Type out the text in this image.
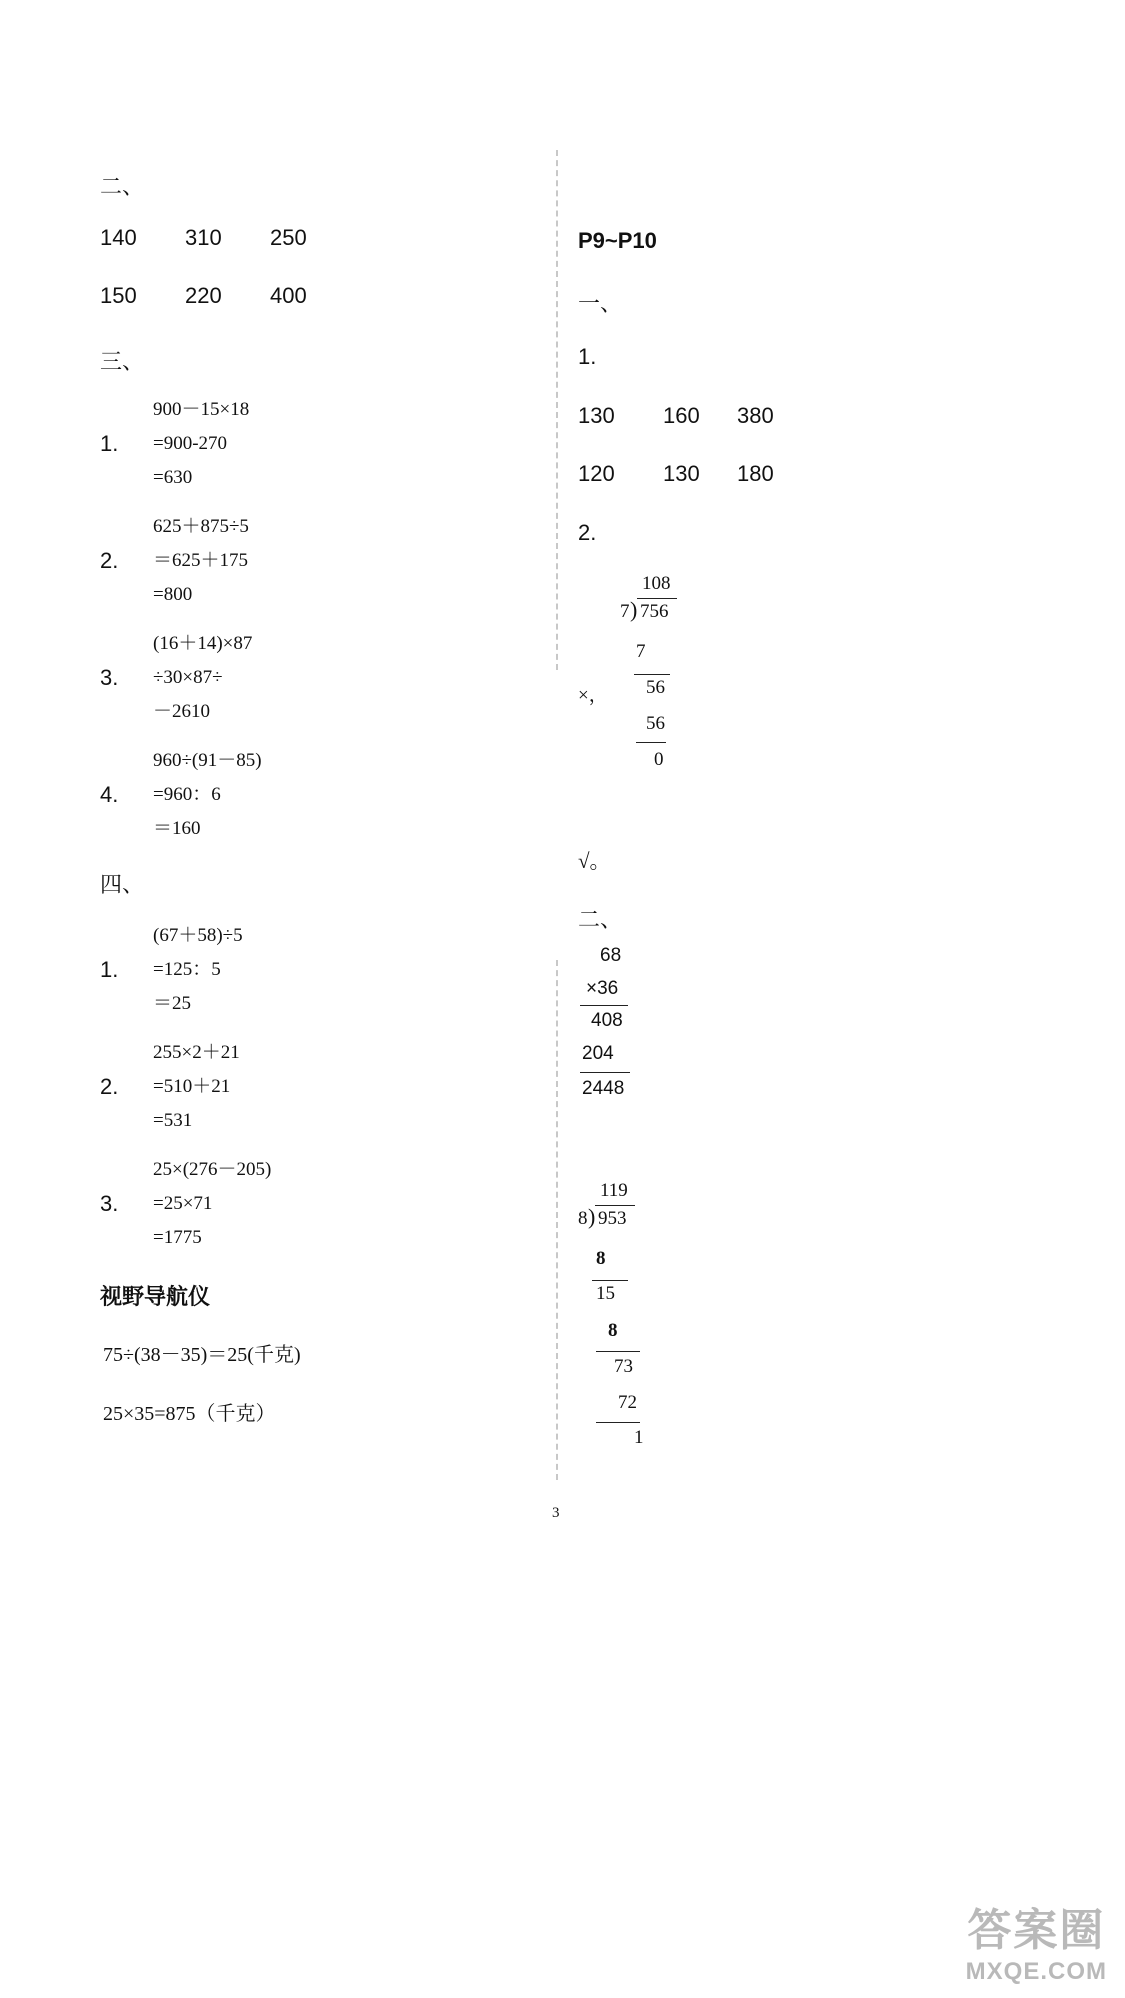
二、
140 310 250
150 220 400
三、
1.
900－15×18
=900-270
=630
2.
625＋875÷5
＝625＋175
=800
3.
(16＋14)×87
÷30×87÷
－2610
4.
960÷(91－85)
=960：6
＝160
四、
1.
(67＋58)÷5
=125：5
＝25
2.
255×2＋21
=510＋21
=531
3.
25×(276－205)
=25×71
=1775
视野导航仪
75÷(38－35)＝25(千克)
25×35=875（千克）
P9~P10
一、
1.
130 160 380
120 130 180
2.
108
7 ) 756
7
56
56
0
×，
√。
二、
68
×36
408
204
2448
119
8 ) 953
8
15
8
73
72
1
3
答案圈
MXQE.COM
